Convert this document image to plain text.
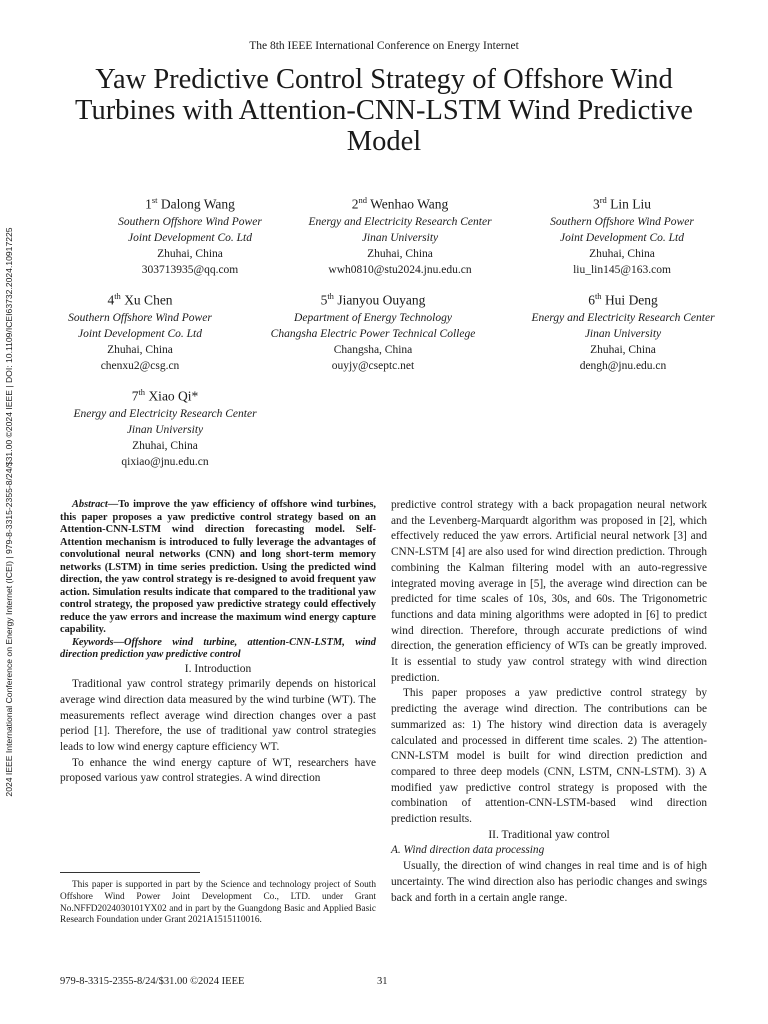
The 8th IEEE International Conference on Energy Internet
Yaw Predictive Control Strategy of Offshore Wind Turbines with Attention-CNN-LSTM Wind Predictive Model
2024 IEEE International Conference on Energy Internet (ICEI) | 979-8-3315-2355-8/24/$31.00 ©2024 IEEE | DOI: 10.1109/ICEI63732.2024.10917225
1st Dalong Wang
Southern Offshore Wind Power
Joint Development Co. Ltd
Zhuhai, China
303713935@qq.com
2nd Wenhao Wang
Energy and Electricity Research Center
Jinan University
Zhuhai, China
wwh0810@stu2024.jnu.edu.cn
3rd Lin Liu
Southern Offshore Wind Power
Joint Development Co. Ltd
Zhuhai, China
liu_lin145@163.com
4th Xu Chen
Southern Offshore Wind Power
Joint Development Co. Ltd
Zhuhai, China
chenxu2@csg.cn
5th Jianyou Ouyang
Department of Energy Technology
Changsha Electric Power Technical College
Changsha, China
ouyjy@cseptc.net
6th Hui Deng
Energy and Electricity Research Center
Jinan University
Zhuhai, China
dengh@jnu.edu.cn
7th Xiao Qi*
Energy and Electricity Research Center
Jinan University
Zhuhai, China
qixiao@jnu.edu.cn
Abstract—To improve the yaw efficiency of offshore wind turbines, this paper proposes a yaw predictive control strategy based on an Attention-CNN-LSTM wind direction forecasting model. Self-Attention mechanism is introduced to fully leverage the advantages of convolutional neural networks (CNN) and long short-term memory networks (LSTM) in time series prediction. Using the predicted wind direction, the yaw control strategy is re-designed to avoid frequent yaw action. Simulation results indicate that compared to the traditional yaw control strategy, the proposed yaw predictive strategy could effectively reduce the yaw errors and increase the maximum wind energy capture capability.
Keywords—Offshore wind turbine, attention-CNN-LSTM, wind direction prediction yaw predictive control

I. Introduction

Traditional yaw control strategy primarily depends on historical average wind direction data measured by the wind turbine (WT). The measurements reflect average wind direction changes over a past period [1]. Therefore, the use of traditional yaw control strategies leads to low wind energy capture efficiency WT.

To enhance the wind energy capture of WT, researchers have proposed various yaw control strategies. A wind direction

This paper is supported in part by the Science and technology project of South Offshore Wind Power Joint Development Co., LTD. under Grant No.NFFD2024030101YX02 and in part by the Guangdong Basic and Applied Basic Research Foundation under Grant 2021A1515110016.

predictive control strategy with a back propagation neural network and the Levenberg-Marquardt algorithm was proposed in [2], which effectively reduced the yaw errors. Artificial neural network [3] and CNN-LSTM [4] are also used for wind direction prediction. Through combining the Kalman filtering model with an auto-regressive integrated moving average in [5], the average wind direction can be predicted for time scales of 10s, 30s, and 60s. The Trigonometric functions and data mining algorithms were adopted in [6] to predict wind direction. Therefore, through accurate predictions of wind direction, the generation efficiency of WTs can be greatly improved. It is essential to study yaw control strategy with wind direction prediction.

This paper proposes a yaw predictive control strategy by predicting the average wind direction. The contributions can be summarized as: 1) The history wind direction data is averagely calculated and processed in different time scales. 2) The attention-CNN-LSTM model is built for wind direction prediction and compared to three deep models (CNN, LSTM, CNN-LSTM). 3) A modified yaw predictive control strategy is proposed with the combination of attention-CNN-LSTM-based wind direction prediction results.

II. Traditional yaw control

A. Wind direction data processing

Usually, the direction of wind changes in real time and is of high uncertainty. The wind direction also has periodic changes and swings back and forth in a certain angle range.

979-8-3315-2355-8/24/$31.00 ©2024 IEEE	31
